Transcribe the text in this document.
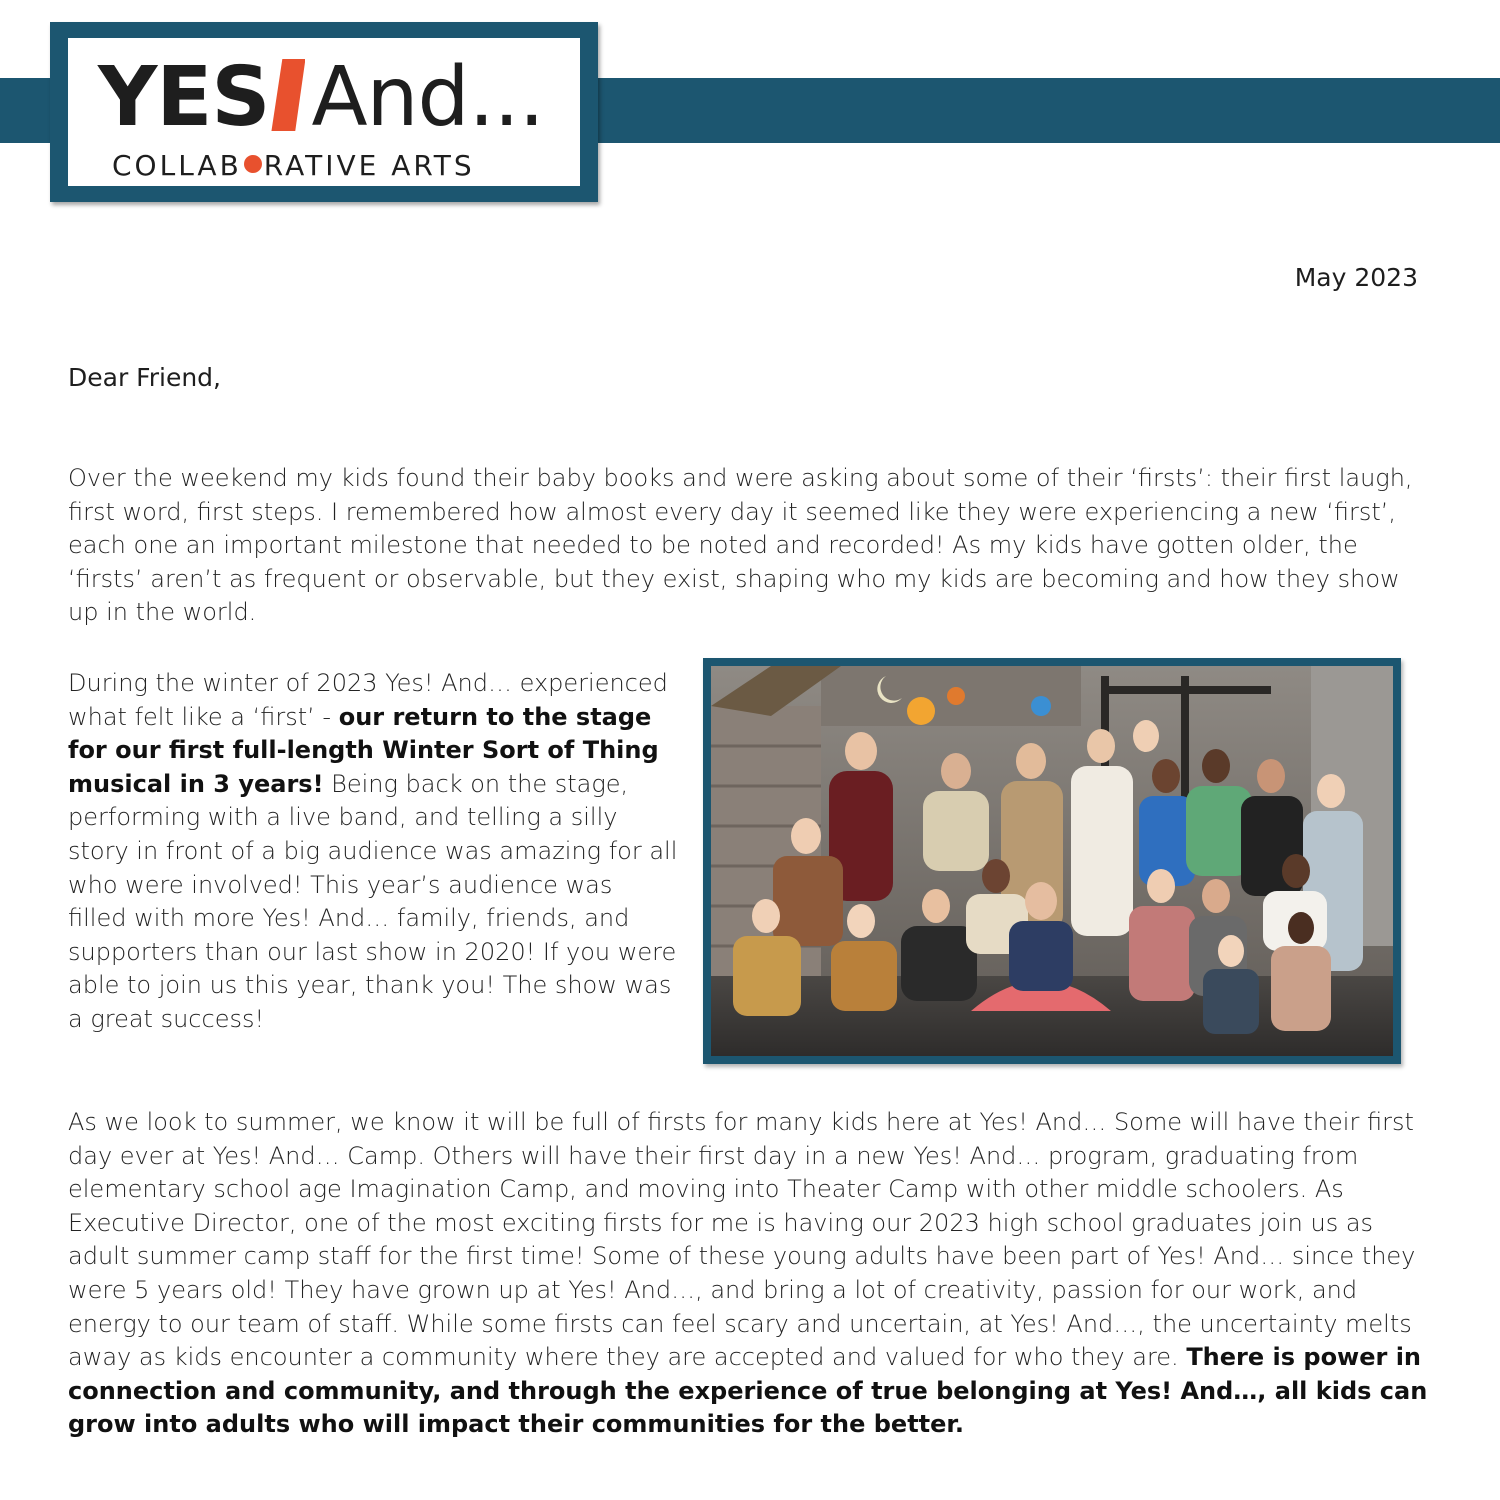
YES And...
COLLAB RATIVE ARTS
May 2023
Dear Friend,

Over the weekend my kids found their baby books and were asking about some of their ‘firsts’: their first laugh, first word, first steps. I remembered how almost every day it seemed like they were experiencing a new ‘first’, each one an important milestone that needed to be noted and recorded! As my kids have gotten older, the ‘firsts’ aren’t as frequent or observable, but they exist, shaping who my kids are becoming and how they show up in the world.

During the winter of 2023 Yes! And… experienced what felt like a ‘first’ - our return to the stage for our first full-length Winter Sort of Thing musical in 3 years! Being back on the stage, performing with a live band, and telling a silly story in front of a big audience was amazing for all who were involved! This year’s audience was filled with more Yes! And… family, friends, and supporters than our last show in 2020! If you were able to join us this year, thank you! The show was a great success!

As we look to summer, we know it will be full of firsts for many kids here at Yes! And… Some will have their first day ever at Yes! And… Camp. Others will have their first day in a new Yes! And… program, graduating from elementary school age Imagination Camp, and moving into Theater Camp with other middle schoolers. As Executive Director, one of the most exciting firsts for me is having our 2023 high school graduates join us as adult summer camp staff for the first time! Some of these young adults have been part of Yes! And… since they were 5 years old! They have grown up at Yes! And…, and bring a lot of creativity, passion for our work, and energy to our team of staff. While some firsts can feel scary and uncertain, at Yes! And…, the uncertainty melts away as kids encounter a community where they are accepted and valued for who they are. There is power in connection and community, and through the experience of true belonging at Yes! And…, all kids can grow into adults who will impact their communities for the better.
